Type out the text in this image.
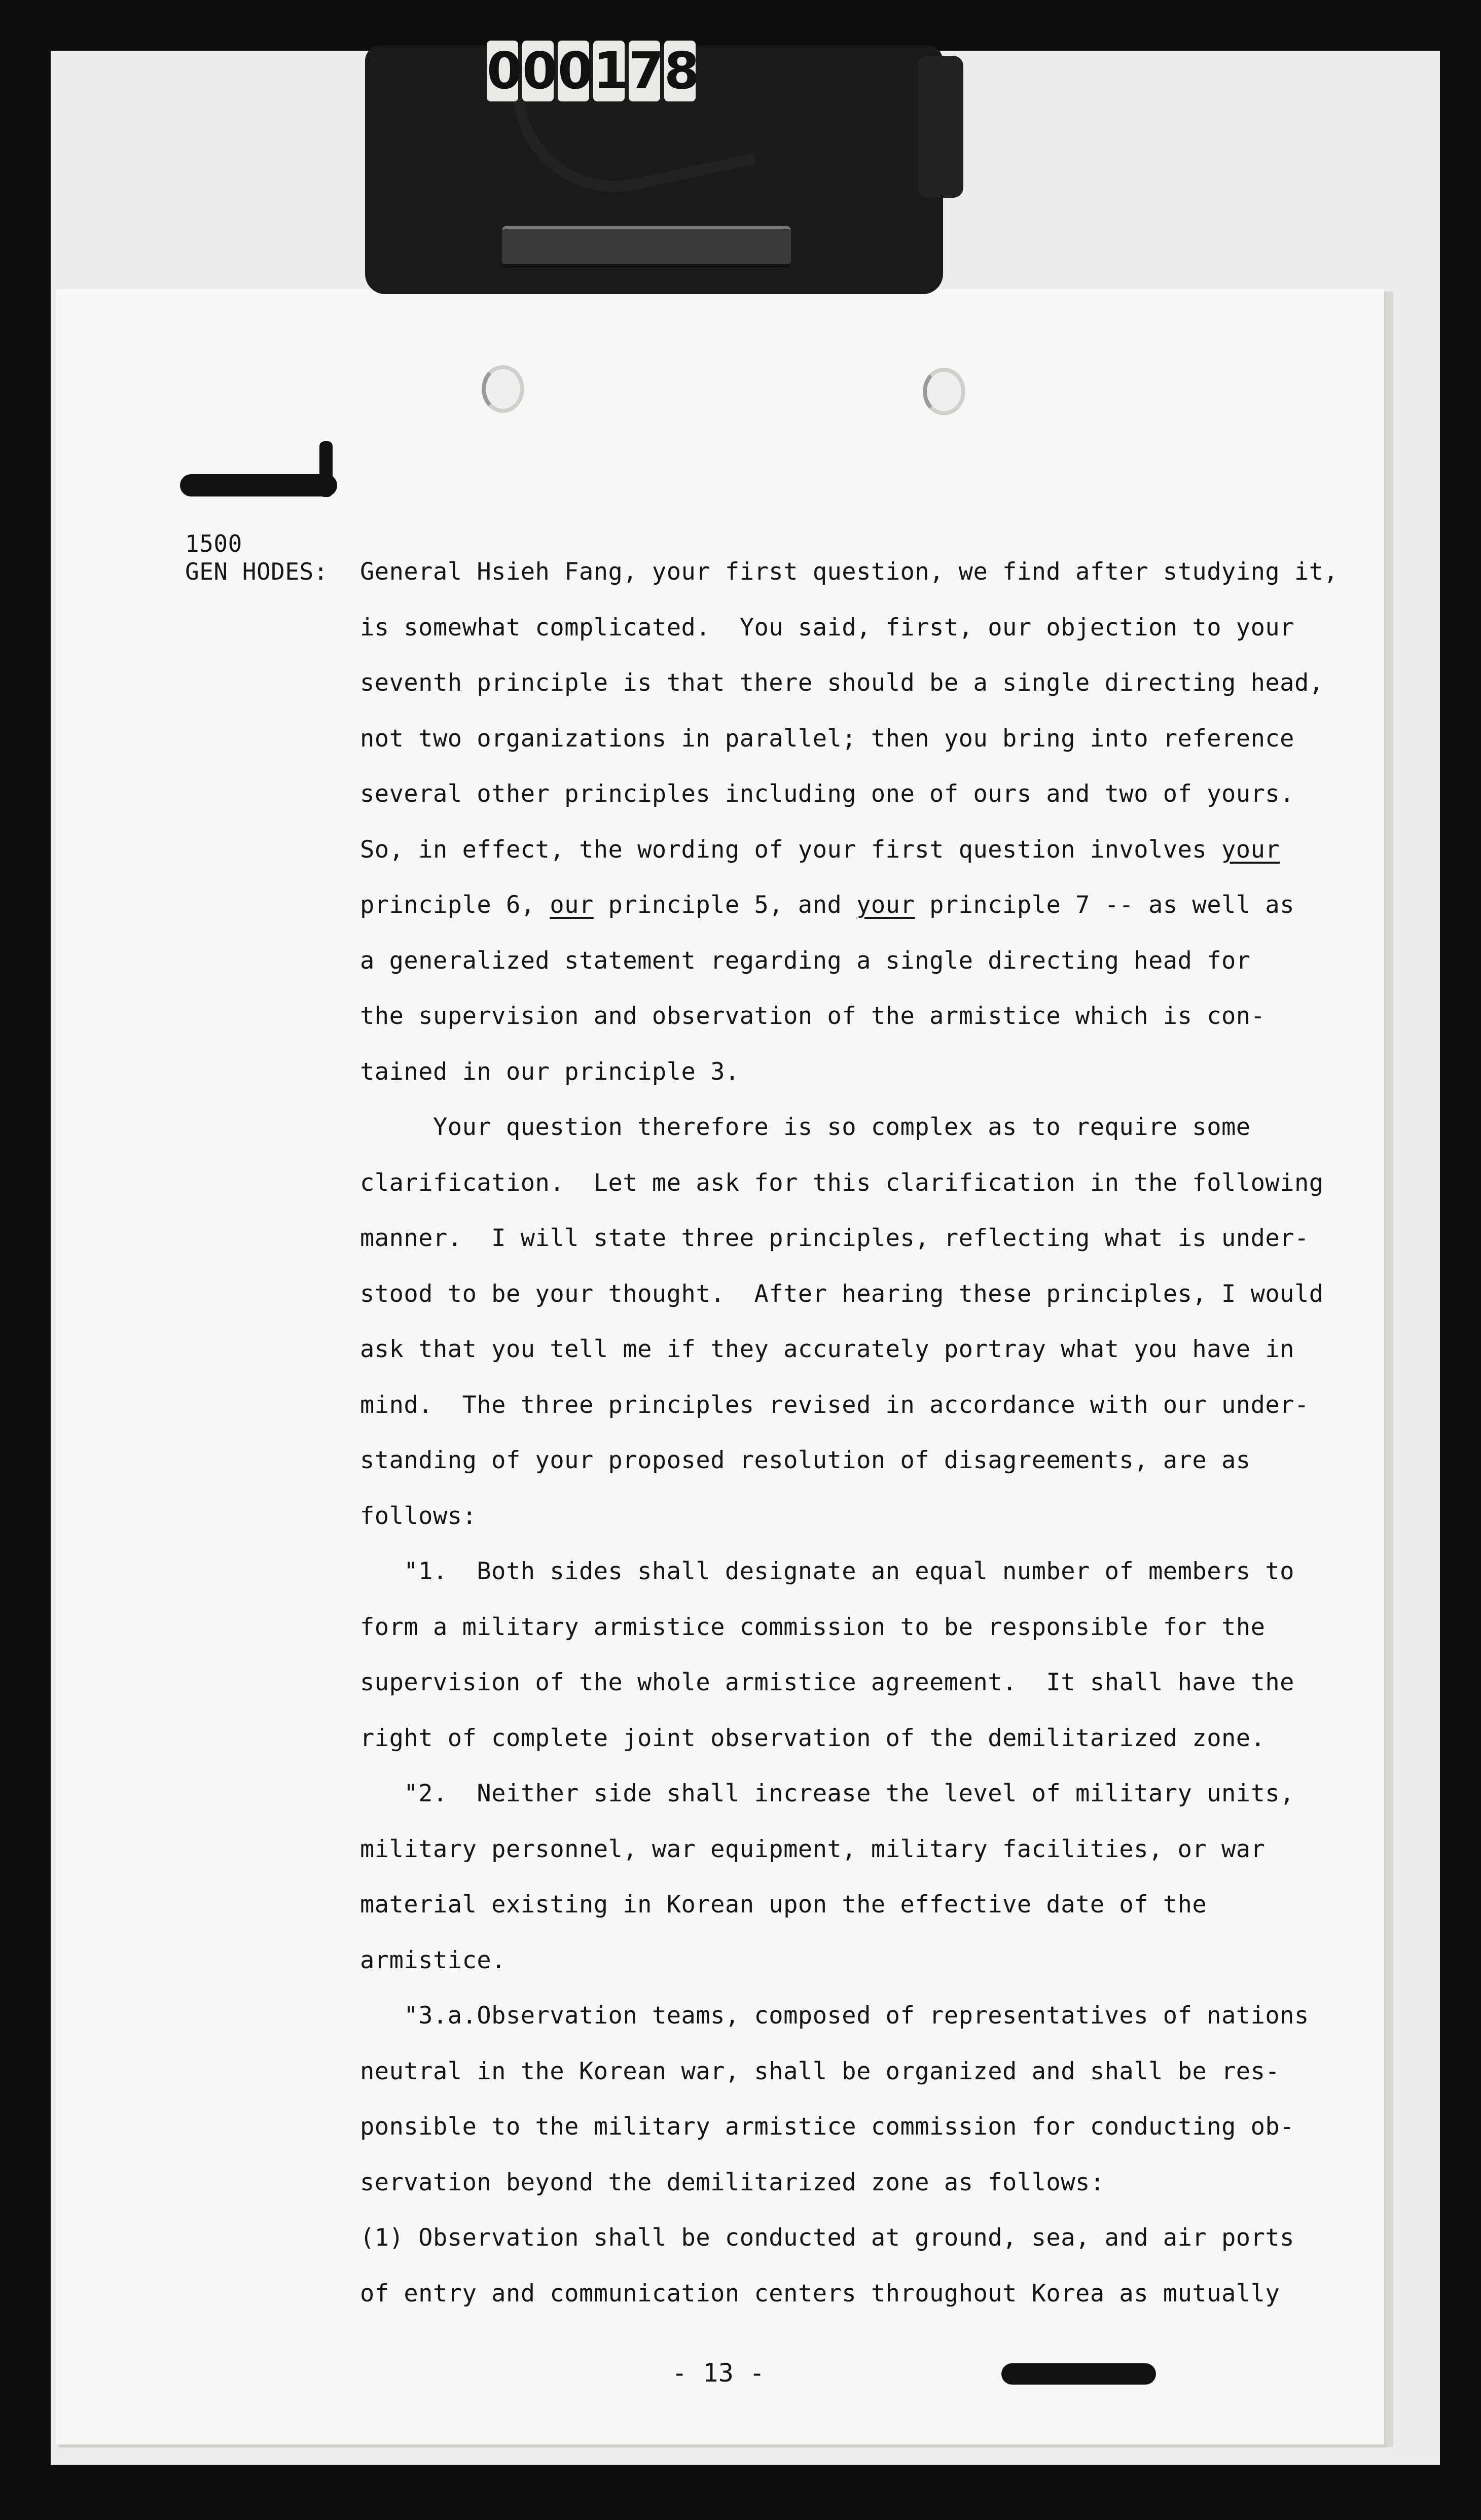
0 0 0 1 7 8
1500
GEN HODES: General Hsieh Fang, your first question, we find after studying it,
is somewhat complicated.  You said, first, our objection to your
seventh principle is that there should be a single directing head,
not two organizations in parallel; then you bring into reference
several other principles including one of ours and two of yours.
So, in effect, the wording of your first question involves your
principle 6, our principle 5, and your principle 7 -- as well as
a generalized statement regarding a single directing head for
the supervision and observation of the armistice which is con-
tained in our principle 3.
Your question therefore is so complex as to require some
clarification.  Let me ask for this clarification in the following
manner.  I will state three principles, reflecting what is under-
stood to be your thought.  After hearing these principles, I would
ask that you tell me if they accurately portray what you have in
mind.  The three principles revised in accordance with our under-
standing of your proposed resolution of disagreements, are as
follows:
"1.  Both sides shall designate an equal number of members to
form a military armistice commission to be responsible for the
supervision of the whole armistice agreement.  It shall have the
right of complete joint observation of the demilitarized zone.
"2.  Neither side shall increase the level of military units,
military personnel, war equipment, military facilities, or war
material existing in Korean upon the effective date of the
armistice.
"3.a.Observation teams, composed of representatives of nations
neutral in the Korean war, shall be organized and shall be res-
ponsible to the military armistice commission for conducting ob-
servation beyond the demilitarized zone as follows:
(1) Observation shall be conducted at ground, sea, and air ports
of entry and communication centers throughout Korea as mutually
- 13 -
